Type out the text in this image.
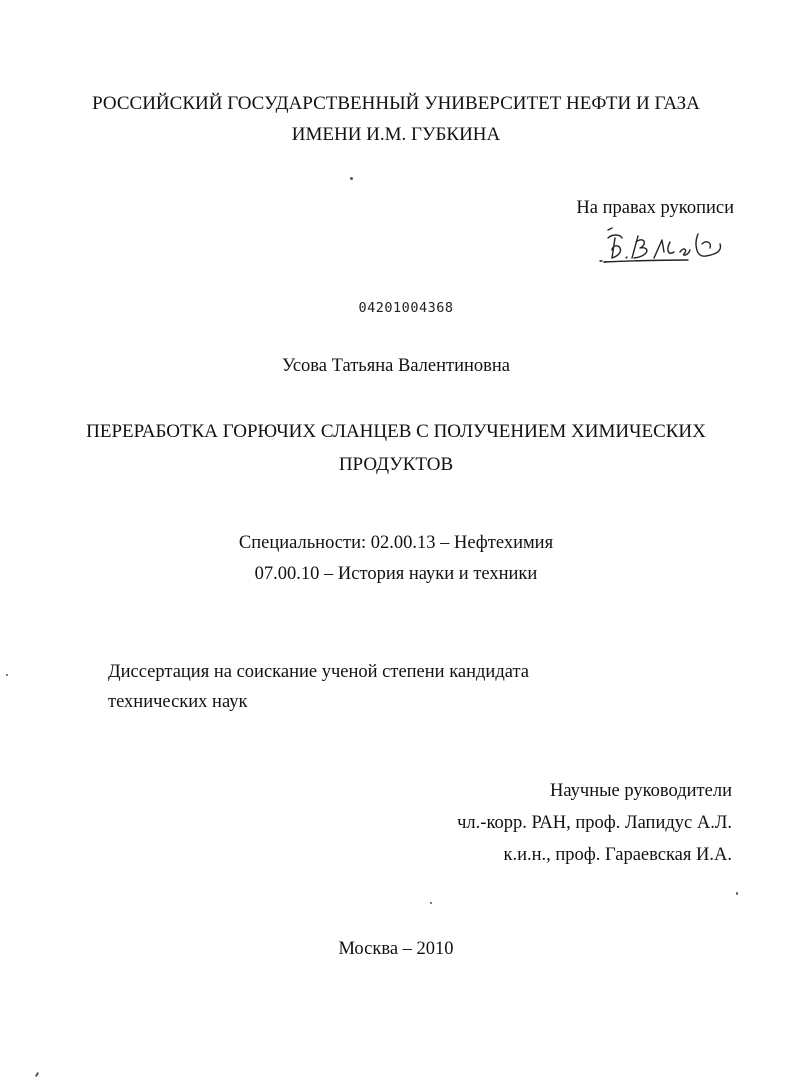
РОССИЙСКИЙ ГОСУДАРСТВЕННЫЙ УНИВЕРСИТЕТ НЕФТИ И ГАЗА
ИМЕНИ И.М. ГУБКИНА
На правах рукописи
04201004368
Усова Татьяна Валентиновна
ПЕРЕРАБОТКА ГОРЮЧИХ СЛАНЦЕВ С ПОЛУЧЕНИЕМ ХИМИЧЕСКИХ
ПРОДУКТОВ
Специальности: 02.00.13 – Нефтехимия
07.00.10 – История науки и техники
Диссертация на соискание ученой степени кандидата
технических наук
Научные руководители
чл.-корр. РАН, проф. Лапидус А.Л.
к.и.н., проф. Гараевская И.А.
Москва – 2010
